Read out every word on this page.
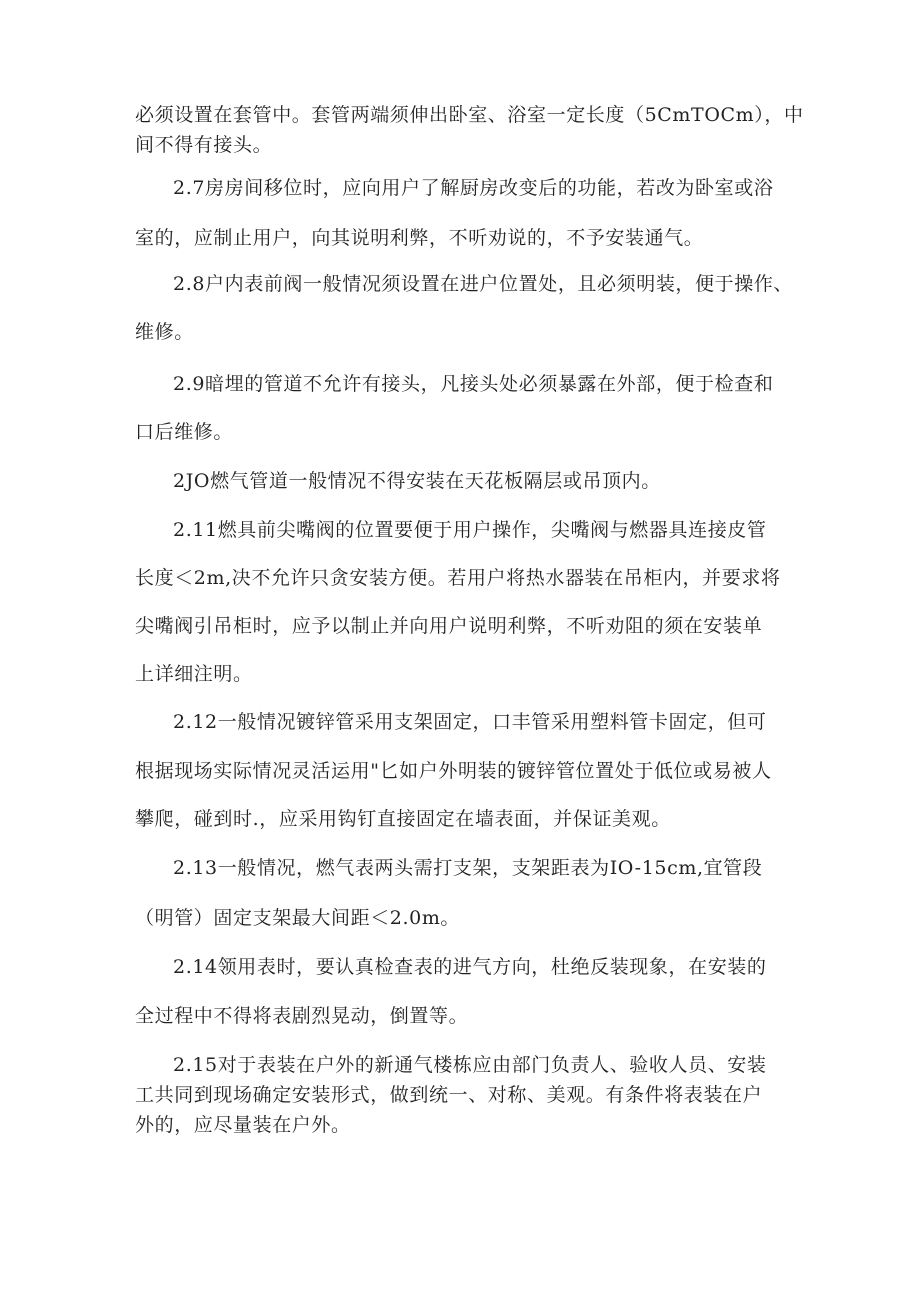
必须设置在套管中。套管两端须伸出卧室、浴室一定长度（5CmTOCm），中
间不得有接头。
2.7房房间移位时，应向用户了解厨房改变后的功能，若改为卧室或浴
室的，应制止用户，向其说明利弊，不听劝说的，不予安装通气。
2.8户内表前阀一般情况须设置在进户位置处，且必须明装，便于操作、
维修。
2.9暗埋的管道不允许有接头，凡接头处必须暴露在外部，便于检查和
口后维修。
2JO燃气管道一般情况不得安装在天花板隔层或吊顶内。
2.11燃具前尖嘴阀的位置要便于用户操作，尖嘴阀与燃器具连接皮管
长度＜2m,决不允许只贪安装方便。若用户将热水器装在吊柜内，并要求将
尖嘴阀引吊柜时，应予以制止并向用户说明利弊，不听劝阻的须在安装单
上详细注明。
2.12一般情况镀锌管采用支架固定，口丰管采用塑料管卡固定，但可
根据现场实际情况灵活运用"匕如户外明装的镀锌管位置处于低位或易被人
攀爬，碰到时.，应采用钩钉直接固定在墙表面，并保证美观。
2.13一般情况，燃气表两头需打支架，支架距表为IO-15cm,宜管段
（明管）固定支架最大间距＜2.0m。
2.14领用表时，要认真检查表的进气方向，杜绝反装现象，在安装的
全过程中不得将表剧烈晃动，倒置等。
2.15对于表装在户外的新通气楼栋应由部门负责人、验收人员、安装
工共同到现场确定安装形式，做到统一、对称、美观。有条件将表装在户
外的，应尽量装在户外。
